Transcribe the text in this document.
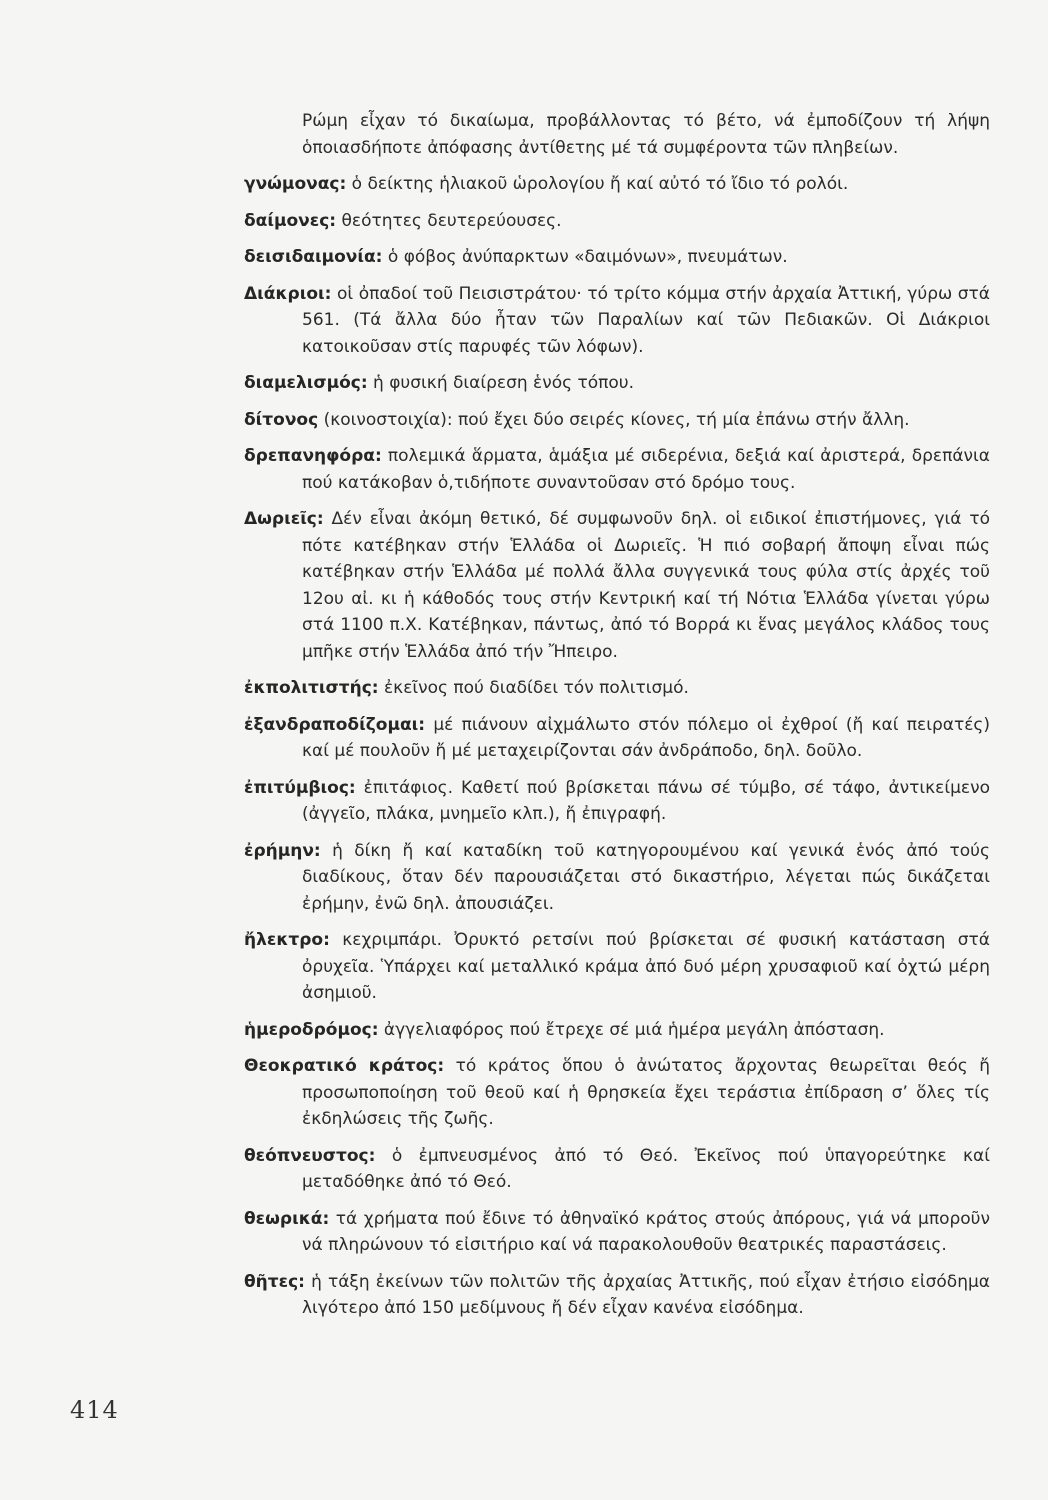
Ρώμη εἶχαν τό δικαίωμα, προβάλλοντας τό βέτο, νά ἐμποδίζουν τή λήψη ὁποιασδήποτε ἀπόφασης ἀντίθετης μέ τά συμφέροντα τῶν πληβείων.

γνώμονας: ὁ δείκτης ἡλιακοῦ ὡρολογίου ἤ καί αὐτό τό ἴδιο τό ρολόι.

δαίμονες: θεότητες δευτερεύουσες.

δεισιδαιμονία: ὁ φόβος ἀνύπαρκτων «δαιμόνων», πνευμάτων.

Διάκριοι: οἱ ὀπαδοί τοῦ Πεισιστράτου· τό τρίτο κόμμα στήν ἀρχαία Ἀττική, γύρω στά 561. (Τά ἄλλα δύο ἦταν τῶν Παραλίων καί τῶν Πεδιακῶν. Οἱ Διάκριοι κατοικοῦσαν στίς παρυφές τῶν λόφων).

διαμελισμός: ἡ φυσική διαίρεση ἑνός τόπου.

δίτονος (κοινοστοιχία): πού ἔχει δύο σειρές κίονες, τή μία ἐπάνω στήν ἄλλη.

δρεπανηφόρα: πολεμικά ἅρματα, ἁμάξια μέ σιδερένια, δεξιά καί ἀριστερά, δρεπάνια πού κατάκοβαν ὁ,τιδήποτε συναντοῦσαν στό δρόμο τους.

Δωριεῖς: Δέν εἶναι ἀκόμη θετικό, δέ συμφωνοῦν δηλ. οἱ ειδικοί ἐπιστήμονες, γιά τό πότε κατέβηκαν στήν Ἑλλάδα οἱ Δωριεῖς. Ἡ πιό σοβαρή ἄποψη εἶναι πώς κατέβηκαν στήν Ἑλλάδα μέ πολλά ἄλλα συγγενικά τους φύλα στίς ἀρχές τοῦ 12ου αἰ. κι ἡ κάθοδός τους στήν Κεντρική καί τή Νότια Ἑλλάδα γίνεται γύρω στά 1100 π.Χ. Κατέβηκαν, πάντως, ἀπό τό Βορρά κι ἕνας μεγάλος κλάδος τους μπῆκε στήν Ἑλλάδα ἀπό τήν Ἤπειρο.

ἐκπολιτιστής: ἐκεῖνος πού διαδίδει τόν πολιτισμό.

ἐξανδραποδίζομαι: μέ πιάνουν αἰχμάλωτο στόν πόλεμο οἱ ἐχθροί (ἤ καί πειρατές) καί μέ πουλοῦν ἤ μέ μεταχειρίζονται σάν ἀνδράποδο, δηλ. δοῦλο.

ἐπιτύμβιος: ἐπιτάφιος. Καθετί πού βρίσκεται πάνω σέ τύμβο, σέ τάφο, ἀντικείμενο (ἀγγεῖο, πλάκα, μνημεῖο κλπ.), ἤ ἐπιγραφή.

ἐρήμην: ἡ δίκη ἤ καί καταδίκη τοῦ κατηγορουμένου καί γενικά ἑνός ἀπό τούς διαδίκους, ὅταν δέν παρουσιάζεται στό δικαστήριο, λέγεται πώς δικάζεται ἐρήμην, ἐνῶ δηλ. ἀπουσιάζει.

ἤλεκτρο: κεχριμπάρι. Ὀρυκτό ρετσίνι πού βρίσκεται σέ φυσική κατάσταση στά ὀρυχεῖα. Ὑπάρχει καί μεταλλικό κράμα ἀπό δυό μέρη χρυσαφιοῦ καί ὀχτώ μέρη ἀσημιοῦ.

ἡμεροδρόμος: ἀγγελιαφόρος πού ἔτρεχε σέ μιά ἡμέρα μεγάλη ἀπόσταση.

Θεοκρατικό κράτος: τό κράτος ὅπου ὁ ἀνώτατος ἄρχοντας θεωρεῖται θεός ἤ προσωποποίηση τοῦ θεοῦ καί ἡ θρησκεία ἔχει τεράστια ἐπίδραση σ’ ὅλες τίς ἐκδηλώσεις τῆς ζωῆς.

θεόπνευστος: ὁ ἐμπνευσμένος ἀπό τό Θεό. Ἐκεῖνος πού ὑπαγορεύτηκε καί μεταδόθηκε ἀπό τό Θεό.

θεωρικά: τά χρήματα πού ἔδινε τό ἀθηναϊκό κράτος στούς ἀπόρους, γιά νά μποροῦν νά πληρώνουν τό εἰσιτήριο καί νά παρακολουθοῦν θεατρικές παραστάσεις.

θῆτες: ἡ τάξη ἐκείνων τῶν πολιτῶν τῆς ἀρχαίας Ἀττικῆς, πού εἶχαν ἐτήσιο εἰσόδημα λιγότερο ἀπό 150 μεδίμνους ἤ δέν εἶχαν κανένα εἰσόδημα.

414
